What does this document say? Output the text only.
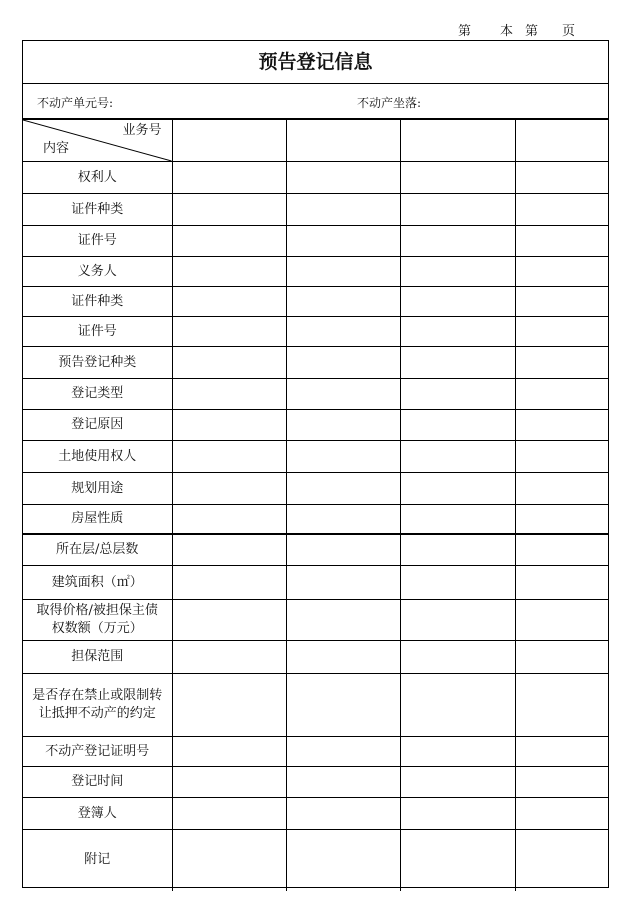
第 本 第 页
预告登记信息
不动产单元号:	不动产坐落:
业务号
内容				

权利人				
证件种类				
证件号				
义务人				
证件种类				
证件号				
预告登记种类				
登记类型				
登记原因				
土地使用权人				
规划用途				
房屋性质				
所在层/总层数				
建筑面积（㎡）				

取得价格/被担保主债权数额（万元）				

担保范围				

是否存在禁止或限制转让抵押不动产的约定				

不动产登记证明号				
登记时间				
登簿人				
附记				
